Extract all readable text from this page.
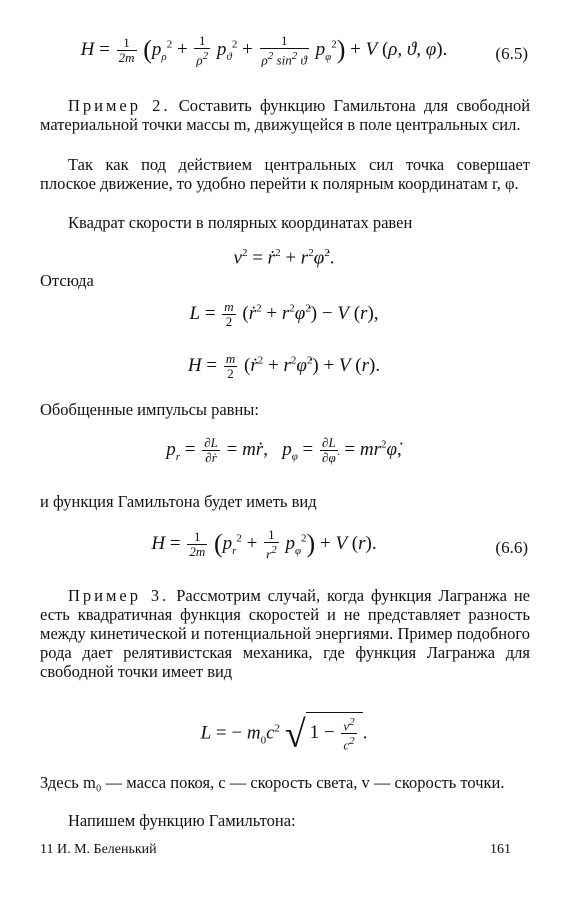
$H = \frac{1}{2m} (p_\rho^2 + \frac{1}{\rho^2} p_ϑ^2 + \frac{1}{\rho^2 \sin^2 ϑ} p_\varphi^2) + V$ (ρ, ϑ, φ).	(6.5)
Пример 2. Составить функцию Гамильтона для свободной материальной точки массы m, движущейся в поле центральных сил.
Так как под действием центральных сил точка совершает плоское движение, то удобно перейти к полярным координатам r, φ.
Квадрат скорости в полярных координатах равен
$v^2$ = ṙ$^2$ + $r^2\varphi̇^2$.
Отсюда
$L = \frac{m}{2}$ (ṙ$^2$ + $r^2\varphi̇^2) - V$ (r),
$H = \frac{m}{2}$ (ṙ$^2$ + $r^2\varphi̇^2) + V$ (r).
Обобщенные импульсы равны:
$p_r = \frac{\partial L}{\text{∂ṙ}}$ = mṙ,   $p_\varphi = \frac{\partial L}{\partial\varphi̇}$ = $mr^2\varphi̇$,
и функция Гамильтона будет иметь вид
$H = \frac{1}{2m} (p_r^2 + \frac{1}{r^2} p_\varphi^2) + V$ (r).	(6.6)
Пример 3. Рассмотрим случай, когда функция Лагранжа не есть квадратичная функция скоростей и не представляет разность между кинетической и потенциальной энергиями. Пример подобного рода дает релятивистская механика, где функция Лагранжа для свободной точки имеет вид
L = − $m_0c^2$ √ $1 - \frac{v^2}{c^2}$ .
Здесь m₀ — масса покоя, c — скорость света, v — скорость точки.
Напишем функцию Гамильтона:
11 И. М. Беленький	161
